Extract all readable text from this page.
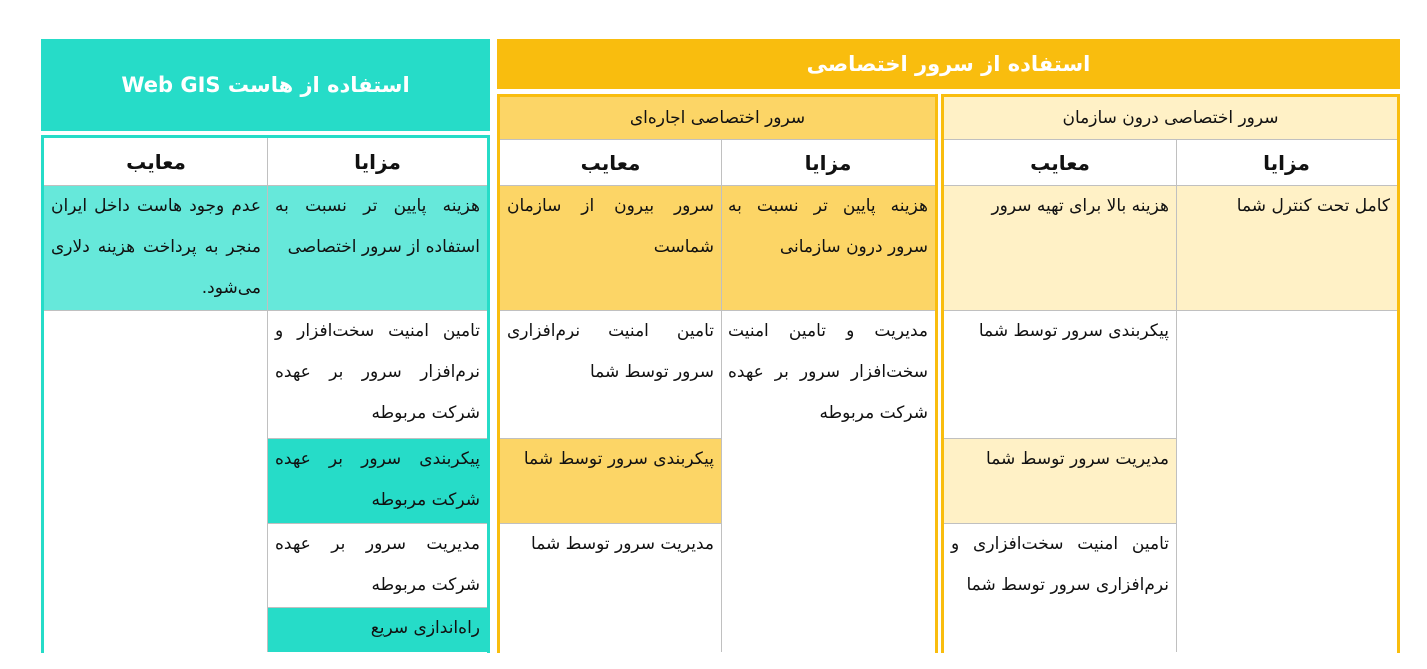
استفاده از هاست Web GIS
مزایا
معایب
هزینه پایین تر نسبت به استفاده از سرور اختصاصی
تامین امنیت سخت‌افزار و نرم‌افزار سرور بر عهده شرکت مربوطه
پیکربندی سرور بر عهده شرکت مربوطه
مدیریت سرور بر عهده شرکت مربوطه
راه‌اندازی سریع
عدم وجود هاست داخل ایران منجر به پرداخت هزینه دلاری می‌شود.
استفاده از سرور اختصاصی
سرور اختصاصی اجاره‌ای
مزایا
معایب
هزینه پایین تر نسبت به سرور درون سازمانی
مدیریت و تامین امنیت سخت‌افزار سرور بر عهده شرکت مربوطه
سرور بیرون از سازمان شماست
تامین امنیت نرم‌افزاری سرور توسط شما
پیکربندی سرور توسط شما
مدیریت سرور توسط شما
سرور اختصاصی درون سازمان
مزایا
معایب
کامل تحت کنترل شما
هزینه بالا برای تهیه سرور
پیکربندی سرور توسط شما
مدیریت سرور توسط شما
تامین امنیت سخت‌افزاری و نرم‌افزاری سرور توسط شما
